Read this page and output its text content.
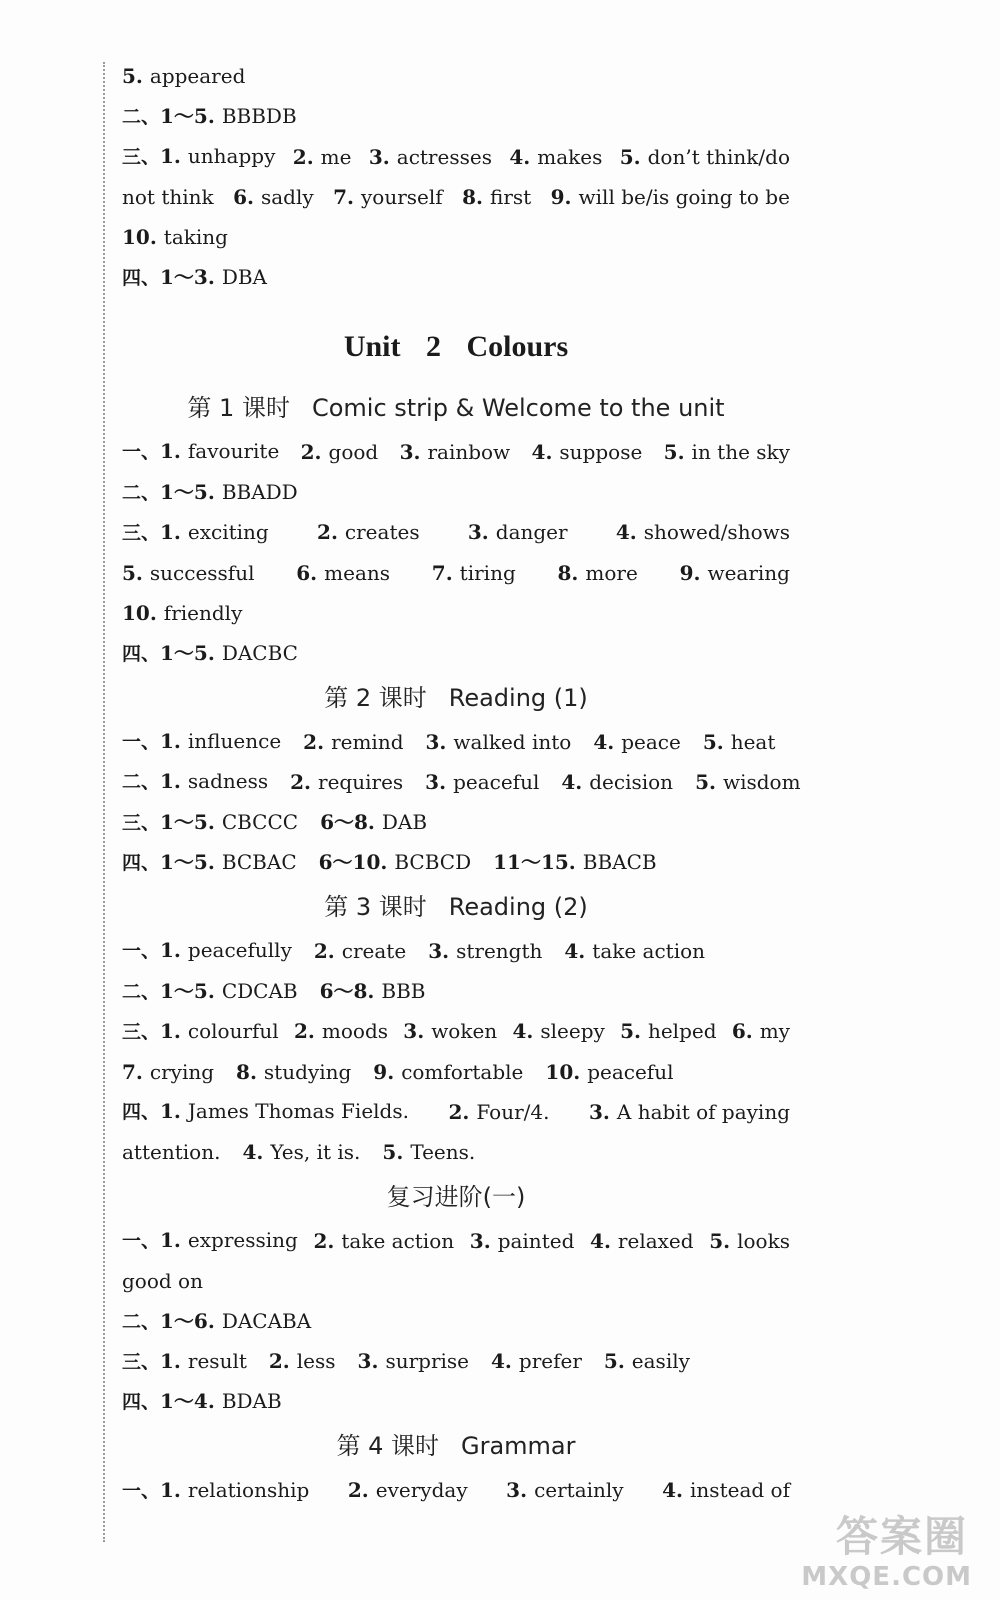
5. appeared
二、1～5. BBBDB
三、1. unhappy 2. me 3. actresses 4. makes 5. don’t think/do
not think 6. sadly 7. yourself 8. first 9. will be/is going to be
10. taking
四、1～3. DBA
Unit 2 Colours
第 1 课时 Comic strip & Welcome to the unit
一、1. favourite 2. good 3. rainbow 4. suppose 5. in the sky
二、1～5. BBADD
三、1. exciting 2. creates 3. danger 4. showed/shows
5. successful 6. means 7. tiring 8. more 9. wearing
10. friendly
四、1～5. DACBC
第 2 课时 Reading (1)
一、1. influence 2. remind 3. walked into 4. peace 5. heat
二、1. sadness 2. requires 3. peaceful 4. decision 5. wisdom
三、1～5. CBCCC 6～8. DAB
四、1～5. BCBAC 6～10. BCBCD 11～15. BBACB
第 3 课时 Reading (2)
一、1. peacefully 2. create 3. strength 4. take action
二、1～5. CDCAB 6～8. BBB
三、1. colourful 2. moods 3. woken 4. sleepy 5. helped 6. my
7. crying 8. studying 9. comfortable 10. peaceful
四、1. James Thomas Fields. 2. Four/4. 3. A habit of paying
attention. 4. Yes, it is. 5. Teens.
复习进阶(一)
一、1. expressing 2. take action 3. painted 4. relaxed 5. looks
good on
二、1～6. DACABA
三、1. result 2. less 3. surprise 4. prefer 5. easily
四、1～4. BDAB
第 4 课时 Grammar
一、1. relationship 2. everyday 3. certainly 4. instead of
答案圈
MXQE.COM
